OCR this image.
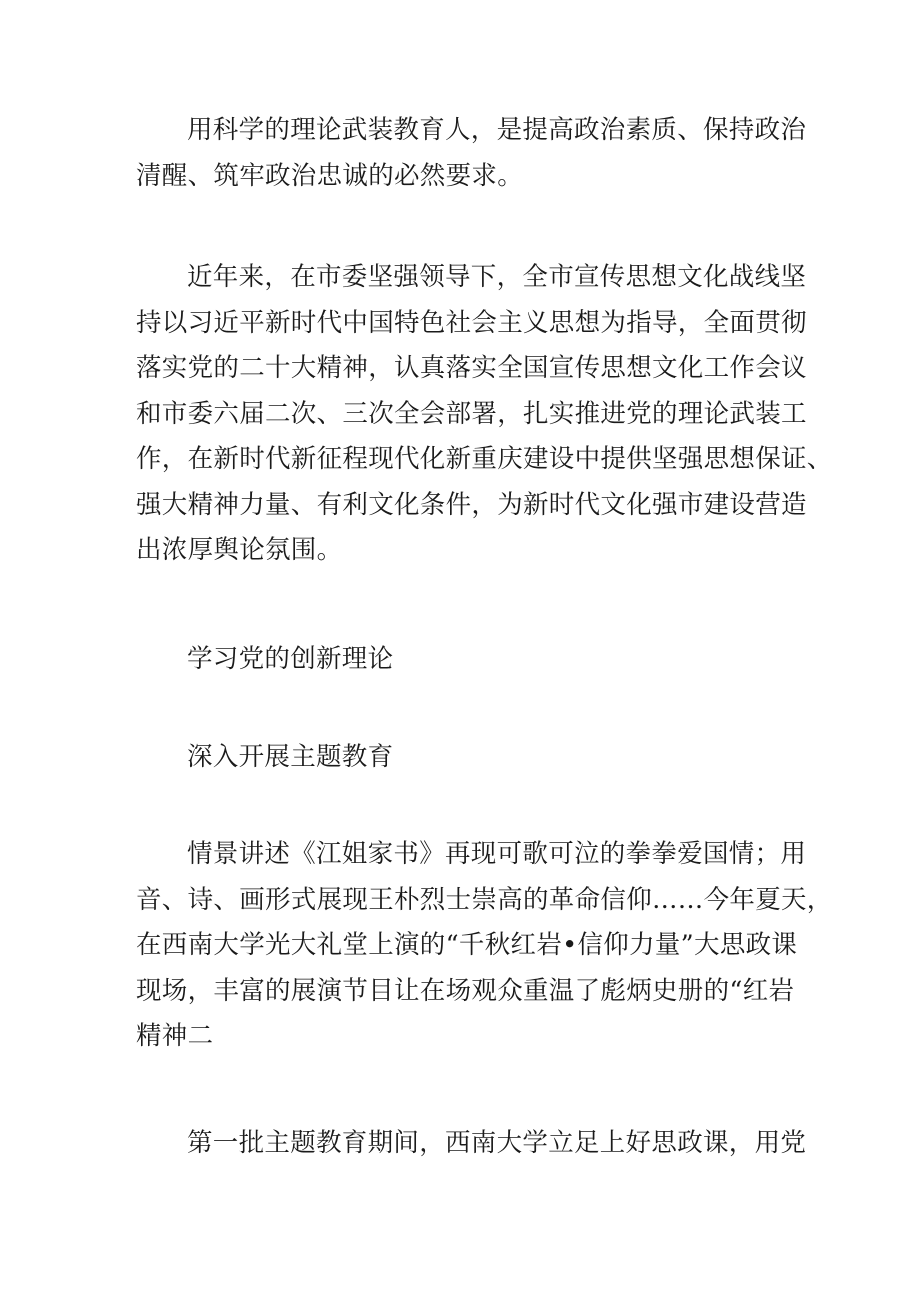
用科学的理论武装教育人，是提高政治素质、保持政治
清醒、筑牢政治忠诚的必然要求。

近年来，在市委坚强领导下，全市宣传思想文化战线坚
持以习近平新时代中国特色社会主义思想为指导，全面贯彻
落实党的二十大精神，认真落实全国宣传思想文化工作会议
和市委六届二次、三次全会部署，扎实推进党的理论武装工
作，在新时代新征程现代化新重庆建设中提供坚强思想保证、
强大精神力量、有利文化条件，为新时代文化强市建设营造
出浓厚舆论氛围。

学习党的创新理论

深入开展主题教育

情景讲述《江姐家书》再现可歌可泣的拳拳爱国情；用
音、诗、画形式展现王朴烈士崇高的革命信仰……今年夏天，
在西南大学光大礼堂上演的“千秋红岩•信仰力量”大思政课
现场，丰富的展演节目让在场观众重温了彪炳史册的“红岩
精神二

第一批主题教育期间，西南大学立足上好思政课，用党
